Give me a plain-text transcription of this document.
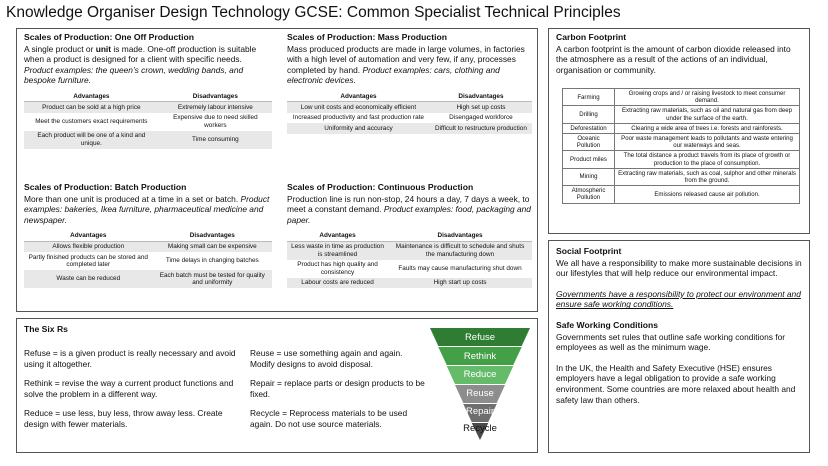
Knowledge Organiser Design Technology GCSE: Common Specialist Technical Principles
Scales of Production: One Off Production

A single product or unit is made. One-off production is suitable when a product is designed for a client with specific needs. Product examples: the queen’s crown, wedding bands, and bespoke furniture.

Advantages	Disadvantages
Product can be sold at a high price	Extremely labour intensive
Meet the customers exact requirements	Expensive due to need skilled workers
Each product will be one of a kind and unique.	Time consuming
Scales of Production: Batch Production

More than one unit is produced at a time in a set or batch. Product examples: bakeries, Ikea furniture, pharmaceutical medicine and newspaper.

Advantages	Disadvantages
Allows flexible production	Making small can be expensive
Partly finished products can be stored and completed later	Time delays in changing batches
Waste can be reduced	Each batch must be tested for quality and uniformity
Scales of Production: Mass Production

Mass produced products are made in large volumes, in factories with a high level of automation and very few, if any, processes completed by hand. Product examples: cars, clothing and electronic devices.

Advantages	Disadvantages
Low unit costs and economically efficient	High set up costs
Increased productivity and fast production rate	Disengaged workforce
Uniformity and accuracy	Difficult to restructure production
Scales of Production: Continuous Production

Production line is run non-stop, 24 hours a day, 7 days a week, to meet a constant demand. Product examples: food, packaging and paper.

Advantages	Disadvantages
Less waste in time as production is streamlined	Maintenance is difficult to schedule and shuts the manufacturing down
Product has high quality and consistency	Faults may cause manufacturing shut down
Labour costs are reduced	High start up costs
The Six Rs

Refuse = is a given product is really necessary and avoid using it altogether.

Rethink = revise the way a current product functions and solve the problem in a different way.

Reduce = use less, buy less, throw away less. Create design with fewer materials.

Reuse = use something again and again. Modify designs to avoid disposal.

Repair = replace parts or design products to be fixed.

Recycle = Reprocess materials to be used again. Do not use source materials.

Refuse
Rethink
Reduce
Reuse
Repair
Recycle
Carbon Footprint

A carbon footprint is the amount of carbon dioxide released into the atmosphere as a result of the actions of an individual, organisation or community.

Farming	Growing crops and / or raising livestock to meet consumer demand.
Drilling	Extracting raw materials, such as oil and natural gas from deep under the surface of the earth.
Deforestation	Clearing a wide area of trees i.e. forests and rainforests.
Oceanic Pollution	Poor waste management leads to pollutants and waste entering our waterways and seas.
Product miles	The total distance a product travels from its place of growth or production to the place of consumption.
Mining	Extracting raw materials, such as coal, sulphor and other minerals from the ground.
Atmospheric Pollution	Emissions released cause air pollution.
Social Footprint

We all have a responsibility to make more sustainable decisions in our lifestyles that will help reduce our environmental impact.

Governments have a responsibility to protect our environment and ensure safe working conditions.

Safe Working Conditions

Governments set rules that outline safe working conditions for employees as well as the minimum wage.

In the UK, the Health and Safety Executive (HSE) ensures employers have a legal obligation to provide a safe working environment. Some countries are more relaxed about health and safety law than others.
